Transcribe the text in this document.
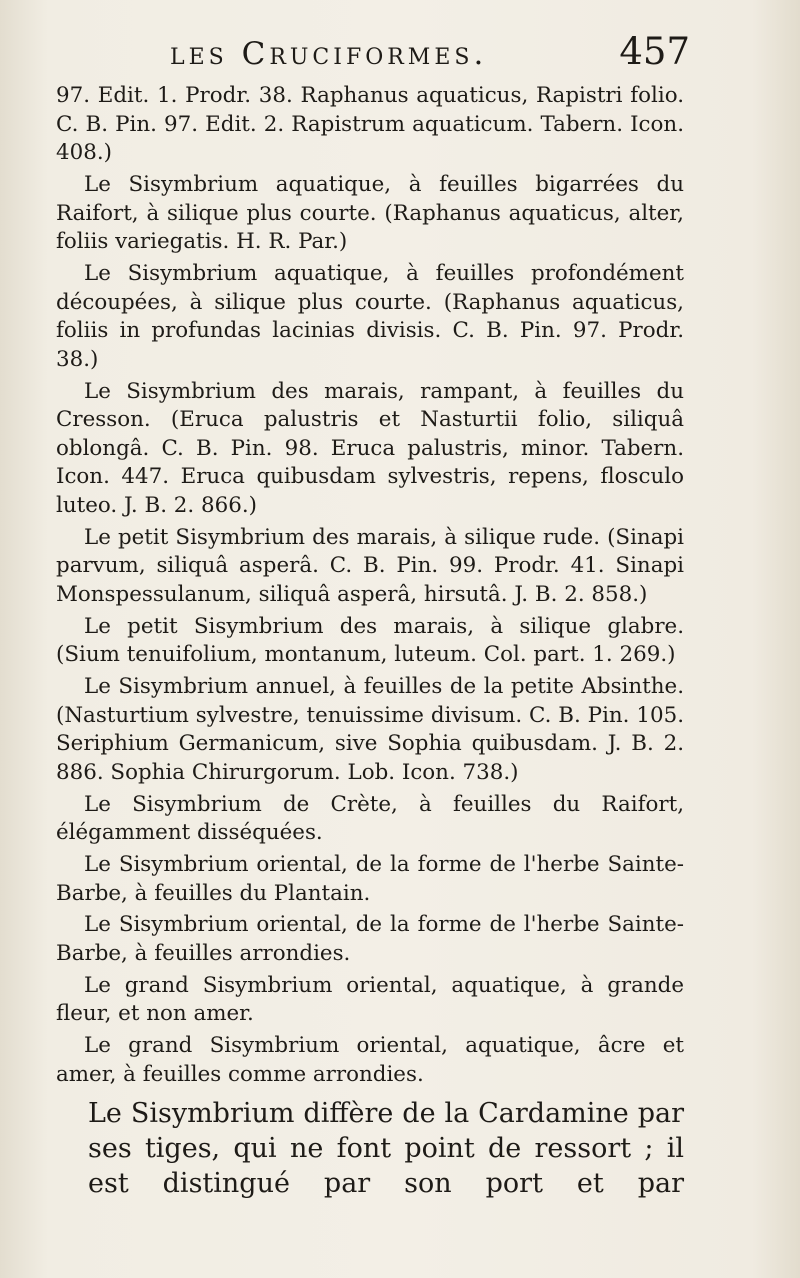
les Cruciformes.	457

97. Edit. 1. Prodr. 38. Raphanus aquaticus, Rapistri folio. C. B. Pin. 97. Edit. 2. Rapistrum aquaticum. Tabern. Icon. 408.)

Le Sisymbrium aquatique, à feuilles bigarrées du Raifort, à silique plus courte. (Raphanus aquaticus, alter, foliis variegatis. H. R. Par.)

Le Sisymbrium aquatique, à feuilles profondément découpées, à silique plus courte. (Raphanus aquaticus, foliis in profundas lacinias divisis. C. B. Pin. 97. Prodr. 38.)

Le Sisymbrium des marais, rampant, à feuilles du Cresson. (Eruca palustris et Nasturtii folio, siliquâ oblongâ. C. B. Pin. 98. Eruca palustris, minor. Tabern. Icon. 447. Eruca quibusdam sylvestris, repens, flosculo luteo. J. B. 2. 866.)

Le petit Sisymbrium des marais, à silique rude. (Sinapi parvum, siliquâ asperâ. C. B. Pin. 99. Prodr. 41. Sinapi Monspessulanum, siliquâ asperâ, hirsutâ. J. B. 2. 858.)

Le petit Sisymbrium des marais, à silique glabre. (Sium tenuifolium, montanum, luteum. Col. part. 1. 269.)

Le Sisymbrium annuel, à feuilles de la petite Absinthe. (Nasturtium sylvestre, tenuissime divisum. C. B. Pin. 105. Seriphium Germanicum, sive Sophia quibusdam. J. B. 2. 886. Sophia Chirurgorum. Lob. Icon. 738.)

Le Sisymbrium de Crète, à feuilles du Raifort, élégamment disséquées.

Le Sisymbrium oriental, de la forme de l'herbe Sainte-Barbe, à feuilles du Plantain.

Le Sisymbrium oriental, de la forme de l'herbe Sainte-Barbe, à feuilles arrondies.

Le grand Sisymbrium oriental, aquatique, à grande fleur, et non amer.

Le grand Sisymbrium oriental, aquatique, âcre et amer, à feuilles comme arrondies.

Le Sisymbrium diffère de la Cardamine par ses tiges, qui ne font point de ressort ; il est distingué par son port et par
